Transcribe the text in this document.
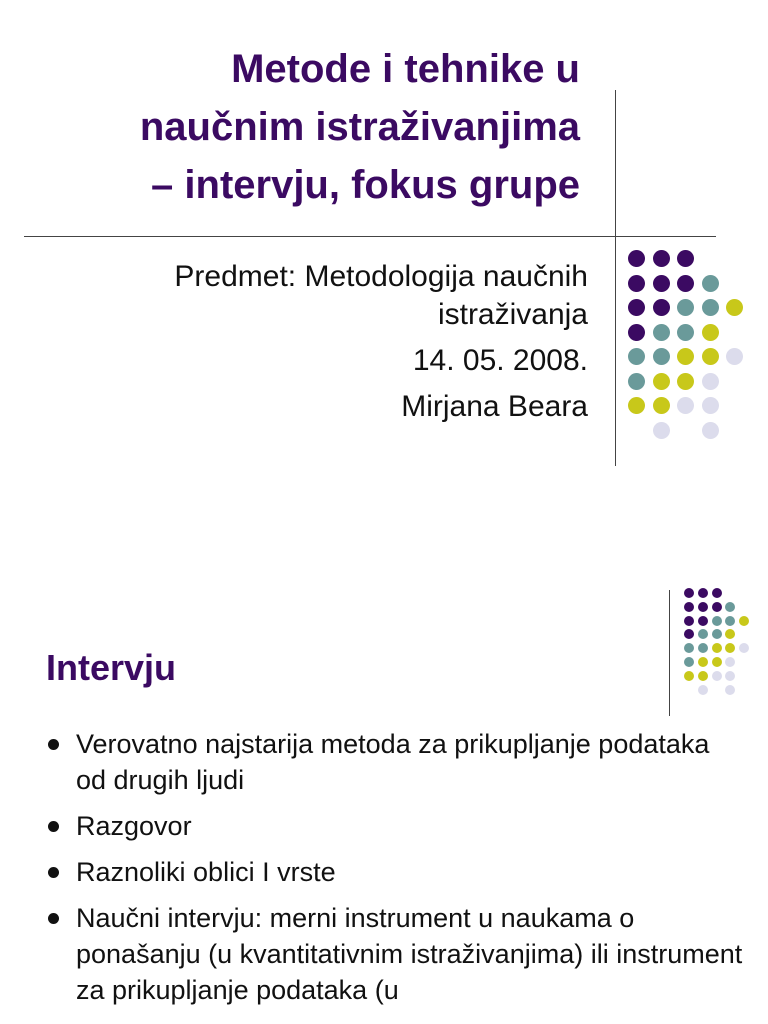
Metode i tehnike u
naučnim istraživanjima
– intervju, fokus grupe
Predmet: Metodologija naučnih
istraživanja
14. 05. 2008.
Mirjana Beara
Intervju
Verovatno najstarija metoda za prikupljanje podataka od drugih ljudi
Razgovor
Raznoliki oblici I vrste
Naučni intervju: merni instrument u naukama o ponašanju (u kvantitativnim istraživanjima) ili instrument za prikupljanje podataka (u
